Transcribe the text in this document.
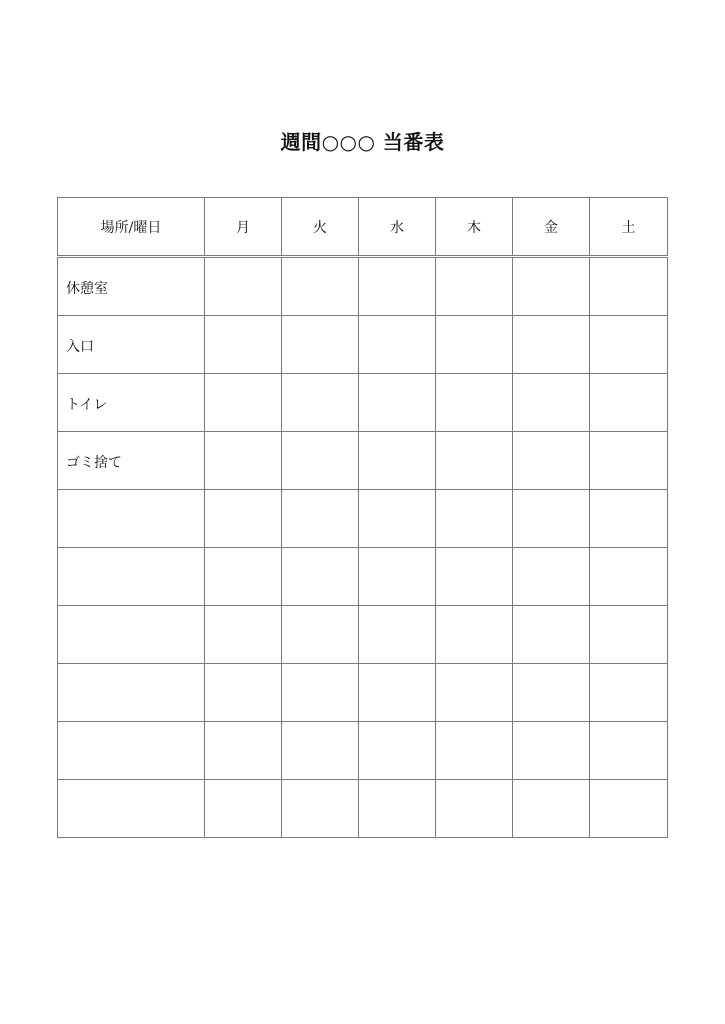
週間○○○ 当番表
場所/曜日	月	火	水	木	金	土
休憩室						
入口						
トイレ						
ゴミ捨て						
